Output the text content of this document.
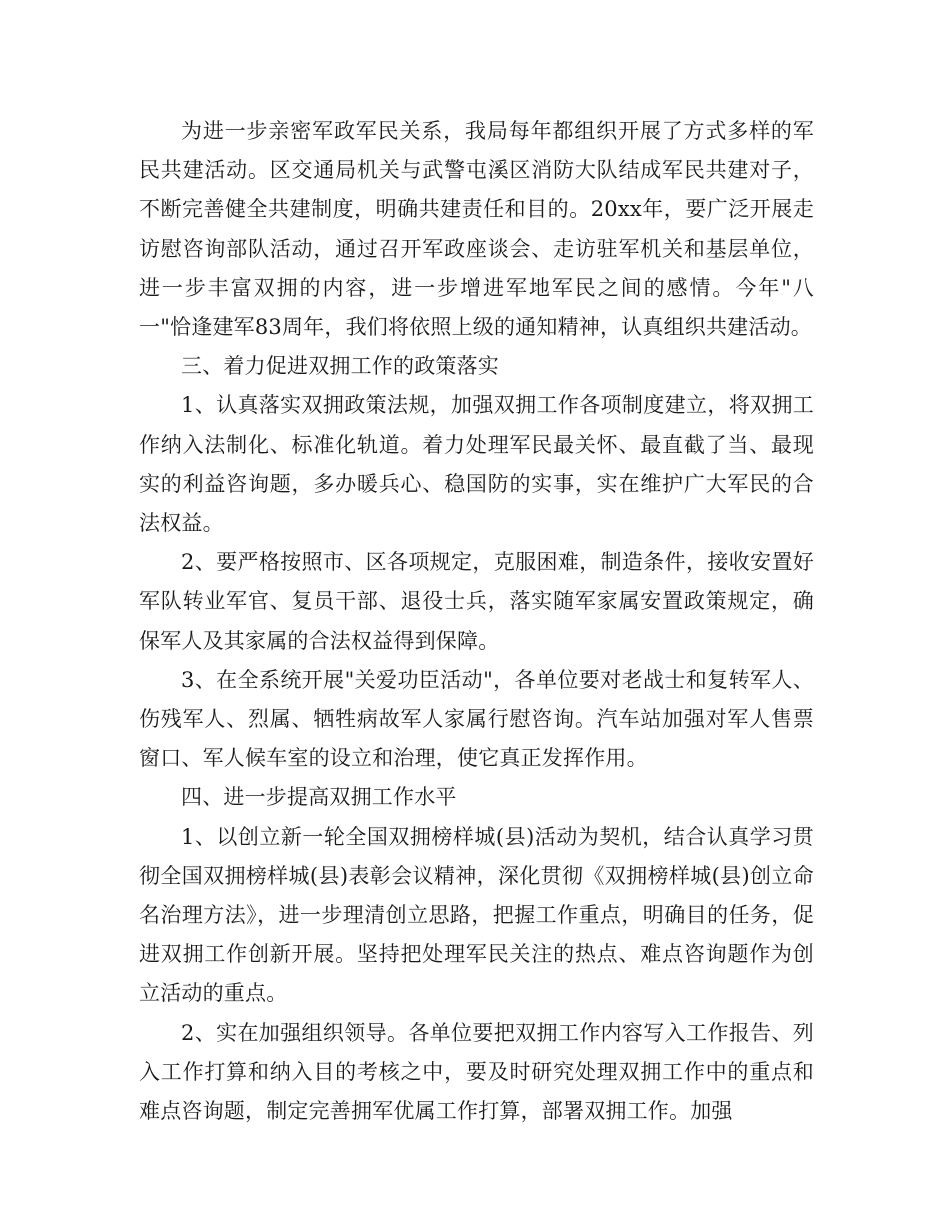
为进一步亲密军政军民关系，我局每年都组织开展了方式多样的军民共建活动。区交通局机关与武警屯溪区消防大队结成军民共建对子，不断完善健全共建制度，明确共建责任和目的。20xx年，要广泛开展走访慰咨询部队活动，通过召开军政座谈会、走访驻军机关和基层单位，进一步丰富双拥的内容，进一步增进军地军民之间的感情。今年"八一"恰逢建军83周年，我们将依照上级的通知精神，认真组织共建活动。

三、着力促进双拥工作的政策落实

1、认真落实双拥政策法规，加强双拥工作各项制度建立，将双拥工作纳入法制化、标准化轨道。着力处理军民最关怀、最直截了当、最现实的利益咨询题，多办暖兵心、稳国防的实事，实在维护广大军民的合法权益。

2、要严格按照市、区各项规定，克服困难，制造条件，接收安置好军队转业军官、复员干部、退役士兵，落实随军家属安置政策规定，确保军人及其家属的合法权益得到保障。

3、在全系统开展"关爱功臣活动"，各单位要对老战士和复转军人、伤残军人、烈属、牺牲病故军人家属行慰咨询。汽车站加强对军人售票窗口、军人候车室的设立和治理，使它真正发挥作用。

四、进一步提高双拥工作水平

1、以创立新一轮全国双拥榜样城(县)活动为契机，结合认真学习贯彻全国双拥榜样城(县)表彰会议精神，深化贯彻《双拥榜样城(县)创立命名治理方法》，进一步理清创立思路，把握工作重点，明确目的任务，促进双拥工作创新开展。坚持把处理军民关注的热点、难点咨询题作为创立活动的重点。

2、实在加强组织领导。各单位要把双拥工作内容写入工作报告、列入工作打算和纳入目的考核之中，要及时研究处理双拥工作中的重点和难点咨询题，制定完善拥军优属工作打算，部署双拥工作。加强
